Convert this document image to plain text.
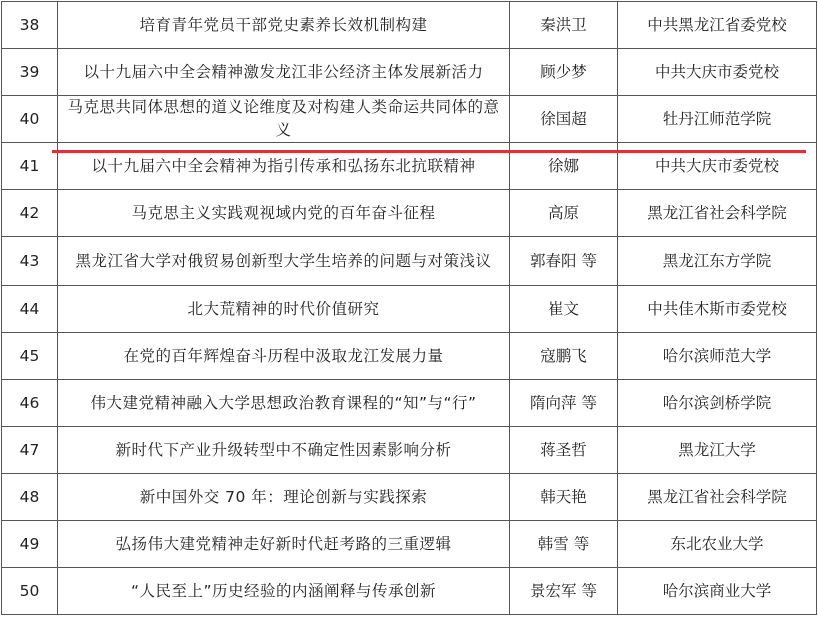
38	培育青年党员干部党史素养长效机制构建	秦洪卫	中共黑龙江省委党校
39	以十九届六中全会精神激发龙江非公经济主体发展新活力	顾少梦	中共大庆市委党校
40	马克思共同体思想的道义论维度及对构建人类命运共同体的意义	徐国超	牡丹江师范学院
41	以十九届六中全会精神为指引传承和弘扬东北抗联精神	徐娜	中共大庆市委党校
42	马克思主义实践观视域内党的百年奋斗征程	高原	黑龙江省社会科学院
43	黑龙江省大学对俄贸易创新型大学生培养的问题与对策浅议	郭春阳 等	黑龙江东方学院
44	北大荒精神的时代价值研究	崔文	中共佳木斯市委党校
45	在党的百年辉煌奋斗历程中汲取龙江发展力量	寇鹏飞	哈尔滨师范大学
46	伟大建党精神融入大学思想政治教育课程的“知”与“行”	隋向萍 等	哈尔滨剑桥学院
47	新时代下产业升级转型中不确定性因素影响分析	蒋圣哲	黑龙江大学
48	新中国外交 70 年：理论创新与实践探索	韩天艳	黑龙江省社会科学院
49	弘扬伟大建党精神走好新时代赶考路的三重逻辑	韩雪 等	东北农业大学
50	“人民至上”历史经验的内涵阐释与传承创新	景宏军 等	哈尔滨商业大学
